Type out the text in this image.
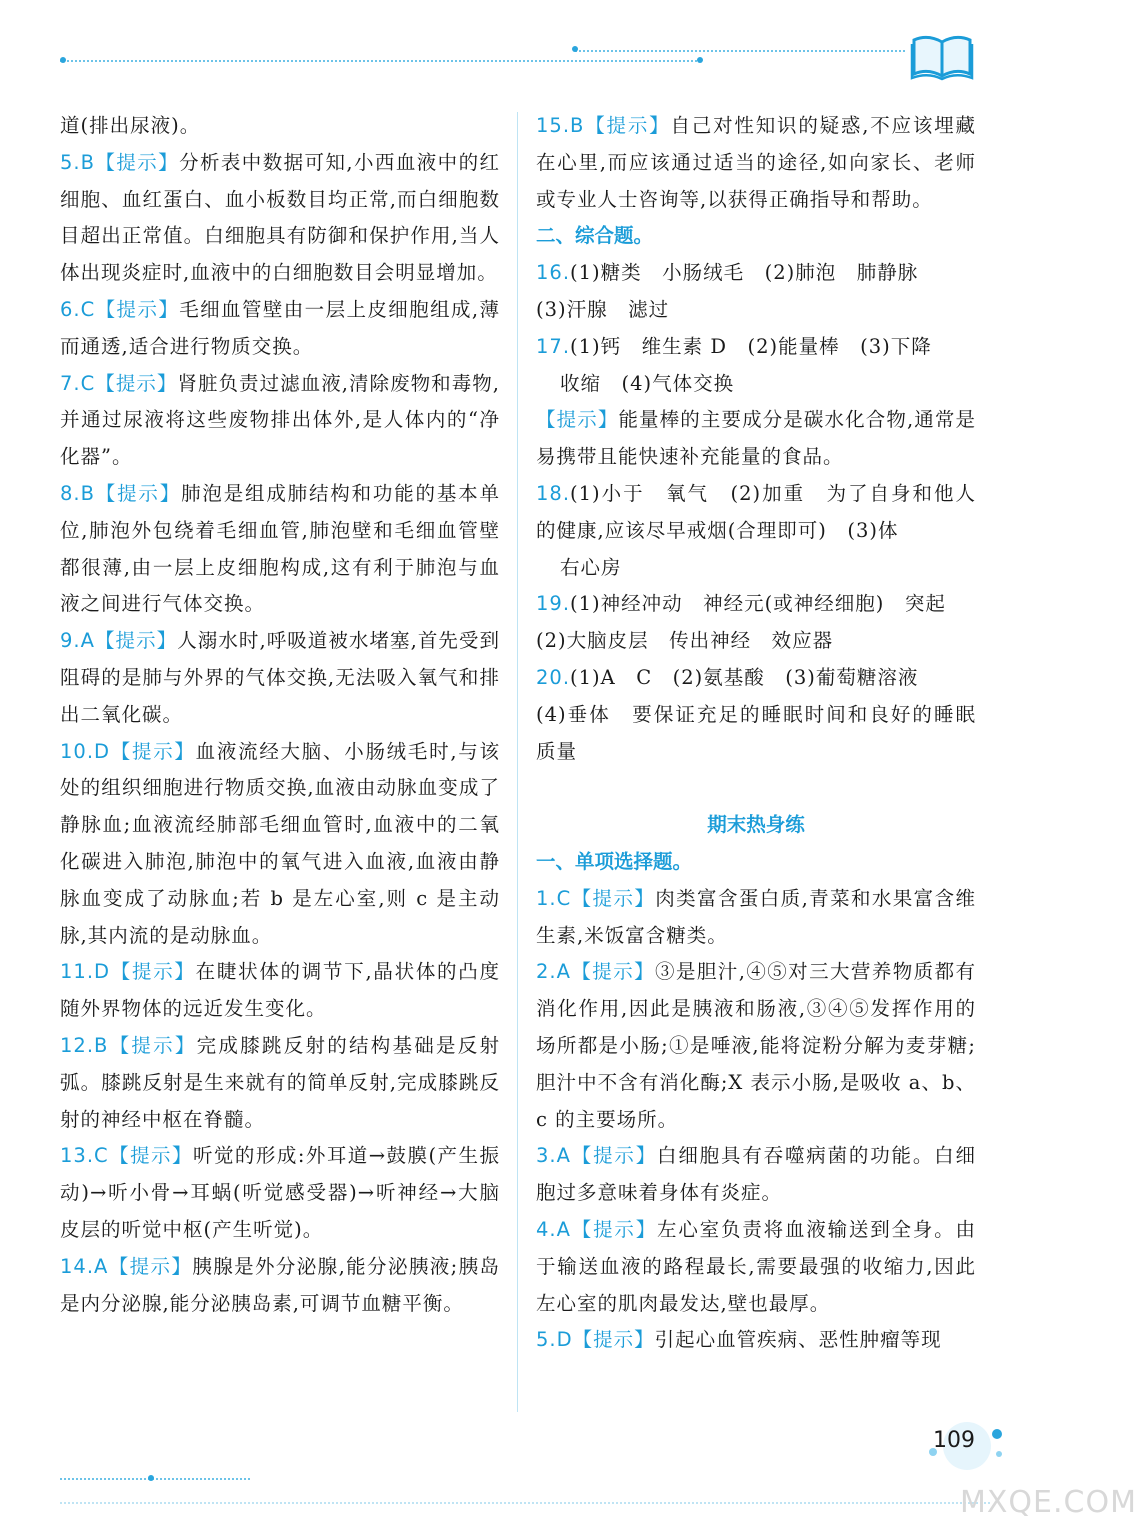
道(排出尿液)。

5.B【提示】分析表中数据可知,小西血液中的红细胞、血红蛋白、血小板数目均正常,而白细胞数目超出正常值。白细胞具有防御和保护作用,当人体出现炎症时,血液中的白细胞数目会明显增加。

6.C【提示】毛细血管壁由一层上皮细胞组成,薄而通透,适合进行物质交换。

7.C【提示】肾脏负责过滤血液,清除废物和毒物,并通过尿液将这些废物排出体外,是人体内的“净化器”。

8.B【提示】肺泡是组成肺结构和功能的基本单位,肺泡外包绕着毛细血管,肺泡壁和毛细血管壁都很薄,由一层上皮细胞构成,这有利于肺泡与血液之间进行气体交换。

9.A【提示】人溺水时,呼吸道被水堵塞,首先受到阻碍的是肺与外界的气体交换,无法吸入氧气和排出二氧化碳。

10.D【提示】血液流经大脑、小肠绒毛时,与该处的组织细胞进行物质交换,血液由动脉血变成了静脉血;血液流经肺部毛细血管时,血液中的二氧化碳进入肺泡,肺泡中的氧气进入血液,血液由静脉血变成了动脉血;若 b 是左心室,则 c 是主动脉,其内流的是动脉血。

11.D【提示】在睫状体的调节下,晶状体的凸度随外界物体的远近发生变化。

12.B【提示】完成膝跳反射的结构基础是反射弧。膝跳反射是生来就有的简单反射,完成膝跳反射的神经中枢在脊髓。

13.C【提示】听觉的形成:外耳道→鼓膜(产生振动)→听小骨→耳蜗(听觉感受器)→听神经→大脑皮层的听觉中枢(产生听觉)。

14.A【提示】胰腺是外分泌腺,能分泌胰液;胰岛是内分泌腺,能分泌胰岛素,可调节血糖平衡。

15.B【提示】自己对性知识的疑惑,不应该埋藏在心里,而应该通过适当的途径,如向家长、老师或专业人士咨询等,以获得正确指导和帮助。

二、综合题。

16.(1)糖类　小肠绒毛　(2)肺泡　肺静脉

(3)汗腺　滤过

17.(1)钙　维生素 D　(2)能量棒　(3)下降

收缩　(4)气体交换

【提示】能量棒的主要成分是碳水化合物,通常是易携带且能快速补充能量的食品。

18.(1)小于　氧气　(2)加重　为了自身和他人的健康,应该尽早戒烟(合理即可)　(3)体

右心房

19.(1)神经冲动　神经元(或神经细胞)　突起

(2)大脑皮层　传出神经　效应器

20.(1)A　C　(2)氨基酸　(3)葡萄糖溶液

(4)垂体　要保证充足的睡眠时间和良好的睡眠质量

期末热身练

一、单项选择题。

1.C【提示】肉类富含蛋白质,青菜和水果富含维生素,米饭富含糖类。

2.A【提示】③是胆汁,④⑤对三大营养物质都有消化作用,因此是胰液和肠液,③④⑤发挥作用的场所都是小肠;①是唾液,能将淀粉分解为麦芽糖;胆汁中不含有消化酶;X 表示小肠,是吸收 a、b、c 的主要场所。

3.A【提示】白细胞具有吞噬病菌的功能。白细胞过多意味着身体有炎症。

4.A【提示】左心室负责将血液输送到全身。由于输送血液的路程最长,需要最强的收缩力,因此左心室的肌肉最发达,壁也最厚。

5.D【提示】引起心血管疾病、恶性肿瘤等现

109
MXQE.COM
